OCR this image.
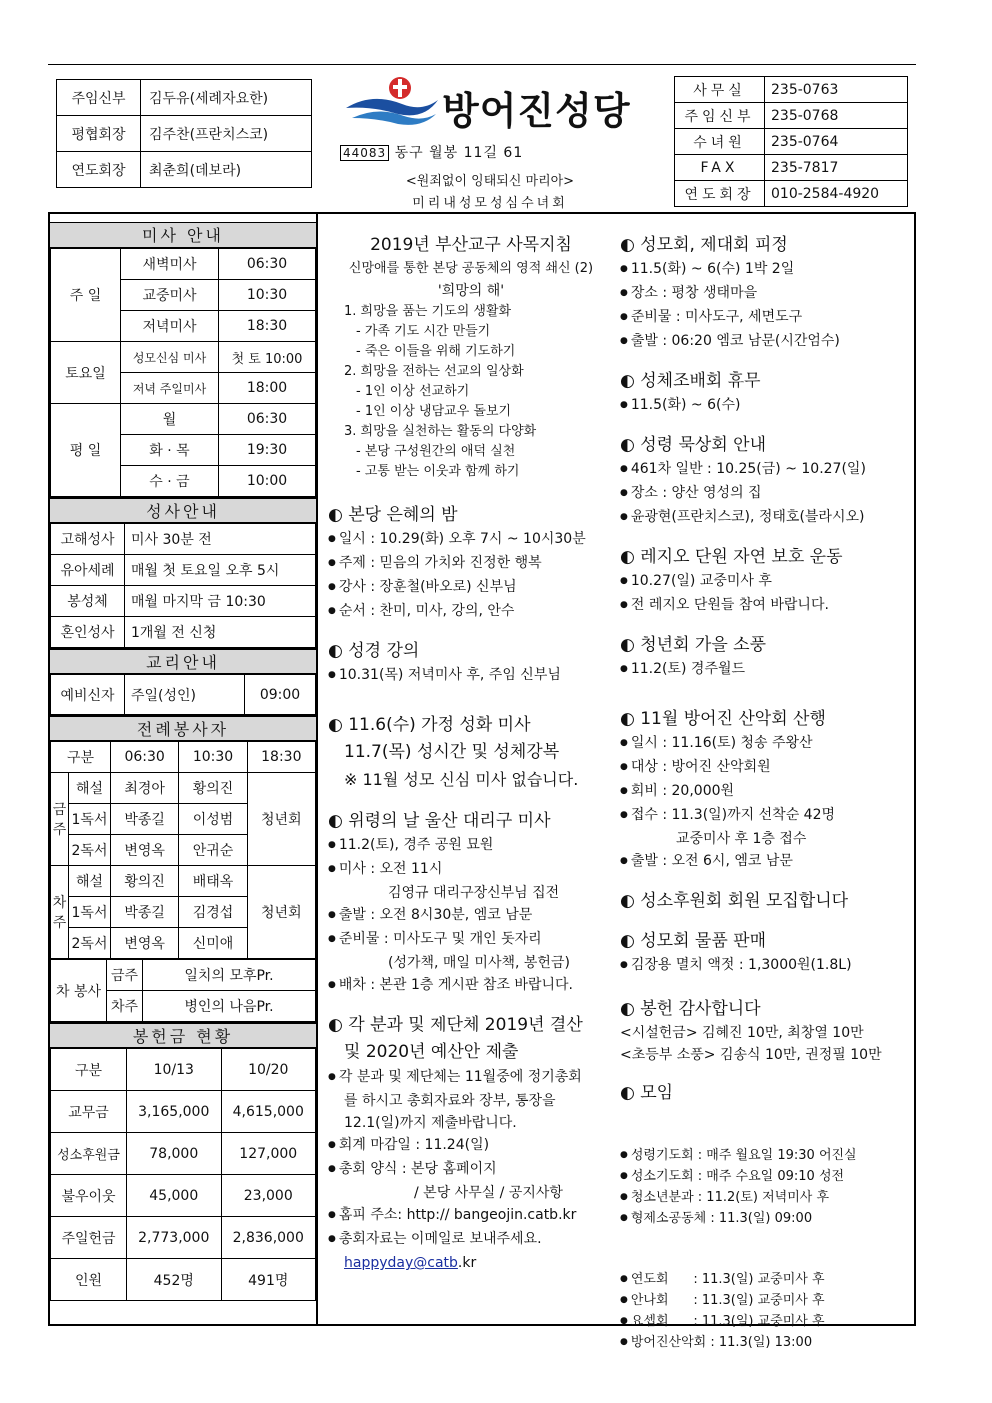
주임신부	김두유(세례자요한)
평협회장	김주찬(프란치스코)
연도회장	최춘희(데보라)
방어진성당
44083 동구 월봉 11길 61
<원죄없이 잉태되신 마리아>
미리내성모성심수녀회
사무실	235-0763
주임신부	235-0768
수녀원	235-0764
FAX	235-7817
연도회장	010-2584-4920
미사 안내
주 일	새벽미사	06:30
	교중미사	10:30
	저녁미사	18:30
토요일	성모신심 미사	첫 토 10:00
	저녁 주일미사	18:00
평 일	월	06:30
	화 · 목	19:30
	수 · 금	10:00
성사안내
고해성사	미사 30분 전
유아세례	매월 첫 토요일 오후 5시
봉성체	매월 마지막 금 10:30
혼인성사	1개월 전 신청
교리안내
예비신자	주일(성인)	09:00
전례봉사자
구분		06:30	10:30	18:30
금주	해설	최경아	황의진	청년회
	1독서	박종길	이성범	
	2독서	변영옥	안귀순	
차주	해설	황의진	배태옥	청년회
	1독서	박종길	김경섭	
	2독서	변영옥	신미애	
차 봉사	금주	일치의 모후Pr.
	차주	병인의 나음Pr.
봉헌금 현황
구분	10/13	10/20
교무금	3,165,000	4,615,000
성소후원금	78,000	127,000
불우이웃	45,000	23,000
주일헌금	2,773,000	2,836,000
인원	452명	491명
2019년 부산교구 사목지침
신망애를 통한 본당 공동체의 영적 쇄신 (2)
'희망의 해'
1. 희망을 품는 기도의 생활화
- 가족 기도 시간 만들기
- 죽은 이들을 위해 기도하기
2. 희망을 전하는 선교의 일상화
- 1인 이상 선교하기
- 1인 이상 냉담교우 돌보기
3. 희망을 실천하는 활동의 다양화
- 본당 구성원간의 애덕 실천
- 고통 받는 이웃과 함께 하기
◐ 본당 은혜의 밤
● 일시 : 10.29(화) 오후 7시 ~ 10시30분
● 주제 : 믿음의 가치와 진정한 행복
● 강사 : 장훈철(바오로) 신부님
● 순서 : 찬미, 미사, 강의, 안수
◐ 성경 강의
● 10.31(목) 저녁미사 후, 주임 신부님
◐ 11.6(수) 가정 성화 미사
11.7(목) 성시간 및 성체강복
※ 11월 성모 신심 미사 없습니다.
◐ 위령의 날 울산 대리구 미사
● 11.2(토), 경주 공원 묘원
● 미사 : 오전 11시
김영규 대리구장신부님 집전
● 출발 : 오전 8시30분, 엠코 남문
● 준비물 : 미사도구 및 개인 돗자리
(성가책, 매일 미사책, 봉헌금)
● 배차 : 본관 1층 게시판 참조 바랍니다.
◐ 각 분과 및 제단체 2019년 결산
및 2020년 예산안 제출
● 각 분과 및 제단체는 11월중에 정기총회
를 하시고 총회자료와 장부, 통장을
12.1(일)까지 제출바랍니다.
● 회계 마감일 : 11.24(일)
● 총회 양식 : 본당 홈페이지
/ 본당 사무실 / 공지사항
● 홈피 주소: http:// bangeojin.catb.kr
● 총회자료는 이메일로 보내주세요.
happyday@catb.kr
◐ 성모회, 제대회 피정
● 11.5(화) ~ 6(수) 1박 2일
● 장소 : 평창 생태마을
● 준비물 : 미사도구, 세면도구
● 출발 : 06:20 엠코 남문(시간엄수)
◐ 성체조배회 휴무
● 11.5(화) ~ 6(수)
◐ 성령 묵상회 안내
● 461차 일반 : 10.25(금) ~ 10.27(일)
● 장소 : 양산 영성의 집
● 윤광현(프란치스코), 정태호(블라시오)
◐ 레지오 단원 자연 보호 운동
● 10.27(일) 교중미사 후
● 전 레지오 단원들 참여 바랍니다.
◐ 청년회 가을 소풍
● 11.2(토) 경주월드
◐ 11월 방어진 산악회 산행
● 일시 : 11.16(토) 청송 주왕산
● 대상 : 방어진 산악회원
● 회비 : 20,000원
● 접수 : 11.3(일)까지 선착순 42명
교중미사 후 1층 접수
● 출발 : 오전 6시, 엠코 남문
◐ 성소후원회 회원 모집합니다
◐ 성모회 물품 판매
● 김장용 멸치 액젓 : 1,3000원(1.8L)
◐ 봉헌 감사합니다
<시설헌금> 김혜진 10만, 최창열 10만
<초등부 소풍> 김송식 10만, 권정필 10만
◐ 모임

● 성령기도회 : 매주 월요일 19:30 어진실
● 성소기도회 : 매주 수요일 09:10 성전
● 청소년분과 : 11.2(토) 저녁미사 후
● 형제소공동체 : 11.3(일) 09:00

● 연도회      : 11.3(일) 교중미사 후
● 안나회      : 11.3(일) 교중미사 후
● 요셉회      : 11.3(일) 교중미사 후
● 방어진산악회 : 11.3(일) 13:00
